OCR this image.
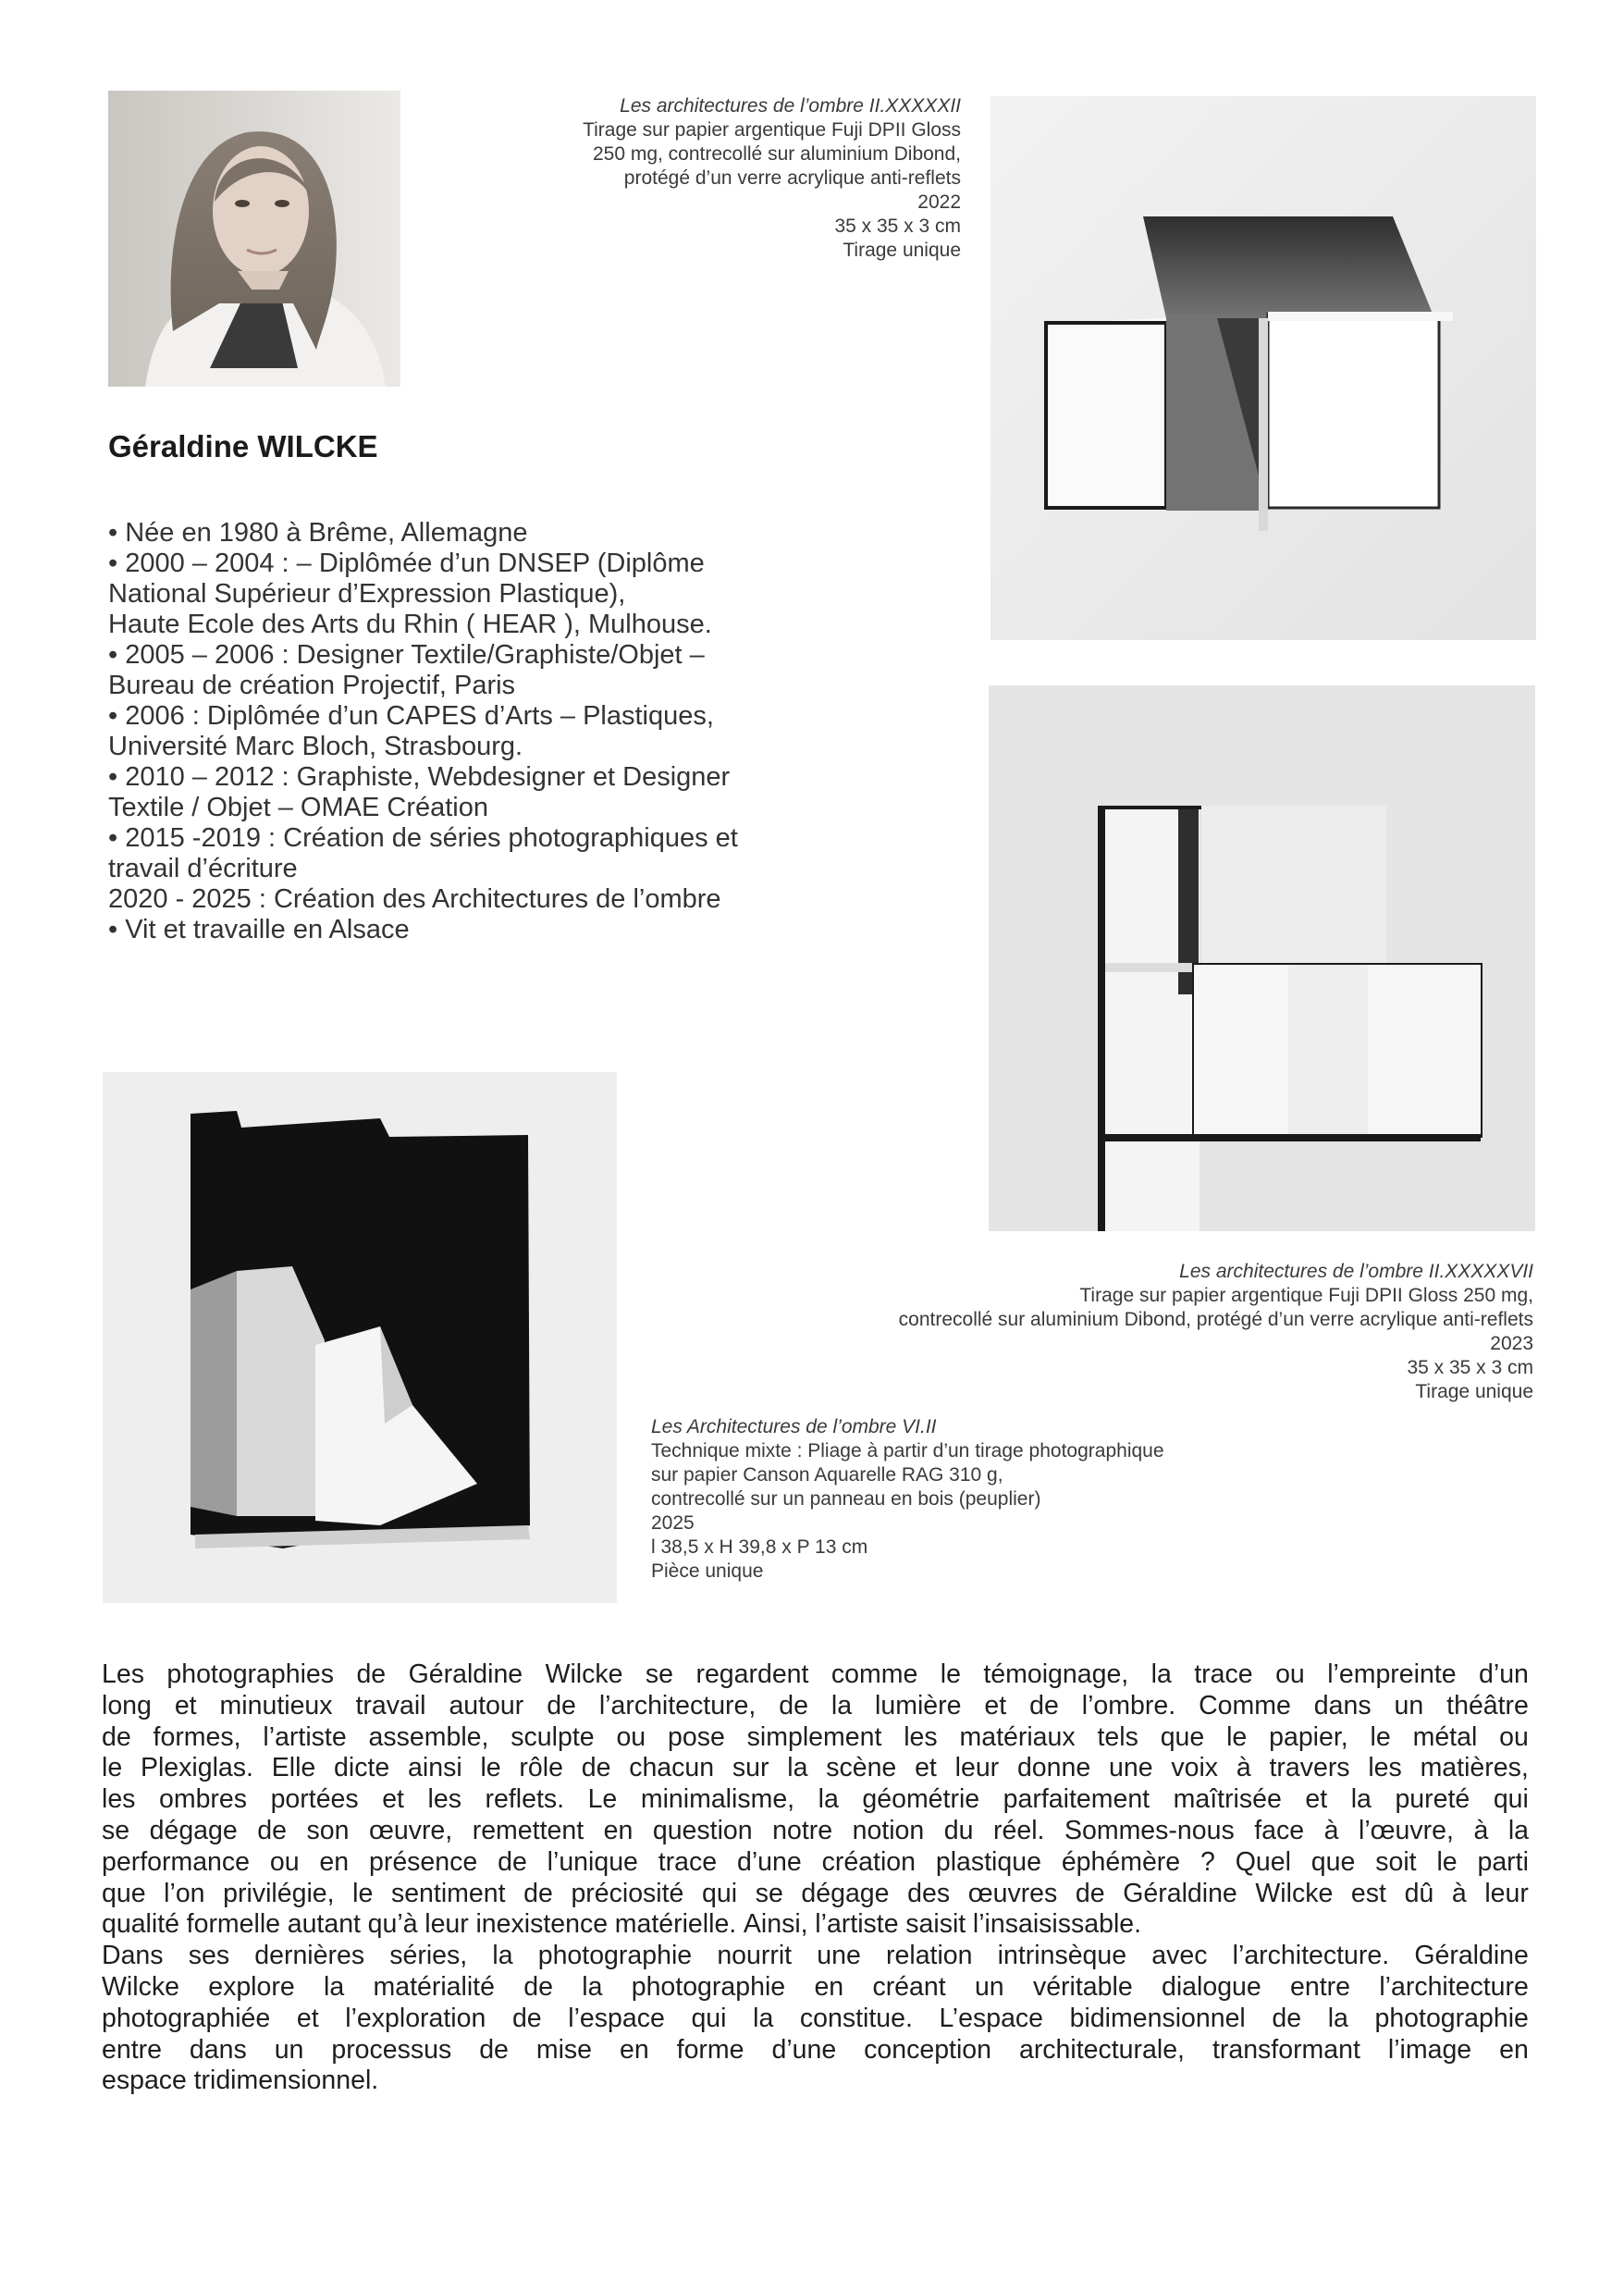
Géraldine WILCKE
• Née en 1980 à Brême, Allemagne
• 2000 – 2004 : – Diplômée d’un DNSEP (Diplôme
National Supérieur d’Expression Plastique),
Haute Ecole des Arts du Rhin ( HEAR ), Mulhouse.
• 2005 – 2006 : Designer Textile/Graphiste/Objet –
Bureau de création Projectif, Paris
• 2006 : Diplômée d’un CAPES d’Arts – Plastiques,
Université Marc Bloch, Strasbourg.
• 2010 – 2012 : Graphiste, Webdesigner et Designer
Textile / Objet – OMAE Création
• 2015 -2019 : Création de séries photographiques et
travail d’écriture
2020 - 2025 : Création des Architectures de l’ombre
• Vit et travaille en Alsace
Les architectures de l’ombre II.XXXXXII
Tirage sur papier argentique Fuji DPII Gloss
250 mg, contrecollé sur aluminium Dibond,
protégé d’un verre acrylique anti-reflets
2022
35 x 35 x 3 cm
Tirage unique
Les architectures de l’ombre II.XXXXXVII
Tirage sur papier argentique Fuji DPII Gloss 250 mg,
contrecollé sur aluminium Dibond, protégé d’un verre acrylique anti-reflets
2023
35 x 35 x 3 cm
Tirage unique
Les Architectures de l’ombre VI.II
Technique mixte : Pliage à partir d’un tirage photographique
sur papier Canson Aquarelle RAG 310 g,
contrecollé sur un panneau en bois (peuplier)
2025
l 38,5 x H 39,8 x P 13 cm
Pièce unique
Les photographies de Géraldine Wilcke se regardent comme le témoignage, la trace ou l’empreinte d’un
long et minutieux travail autour de l’architecture, de la lumière et de l’ombre. Comme dans un théâtre
de formes, l’artiste assemble, sculpte ou pose simplement les matériaux tels que le papier, le métal ou
le Plexiglas. Elle dicte ainsi le rôle de chacun sur la scène et leur donne une voix à travers les matières,
les ombres portées et les reflets. Le minimalisme, la géométrie parfaitement maîtrisée et la pureté qui
se dégage de son œuvre, remettent en question notre notion du réel. Sommes-nous face à l’œuvre, à la
performance ou en présence de l’unique trace d’une création plastique éphémère ? Quel que soit le parti
que l’on privilégie, le sentiment de préciosité qui se dégage des œuvres de Géraldine Wilcke est dû à leur
qualité formelle autant qu’à leur inexistence matérielle. Ainsi, l’artiste saisit l’insaisissable.
Dans ses dernières séries, la photographie nourrit une relation intrinsèque avec l’architecture. Géraldine
Wilcke explore la matérialité de la photographie en créant un véritable dialogue entre l’architecture
photographiée et l’exploration de l’espace qui la constitue. L’espace bidimensionnel de la photographie
entre dans un processus de mise en forme d’une conception architecturale, transformant l’image en
espace tridimensionnel.
